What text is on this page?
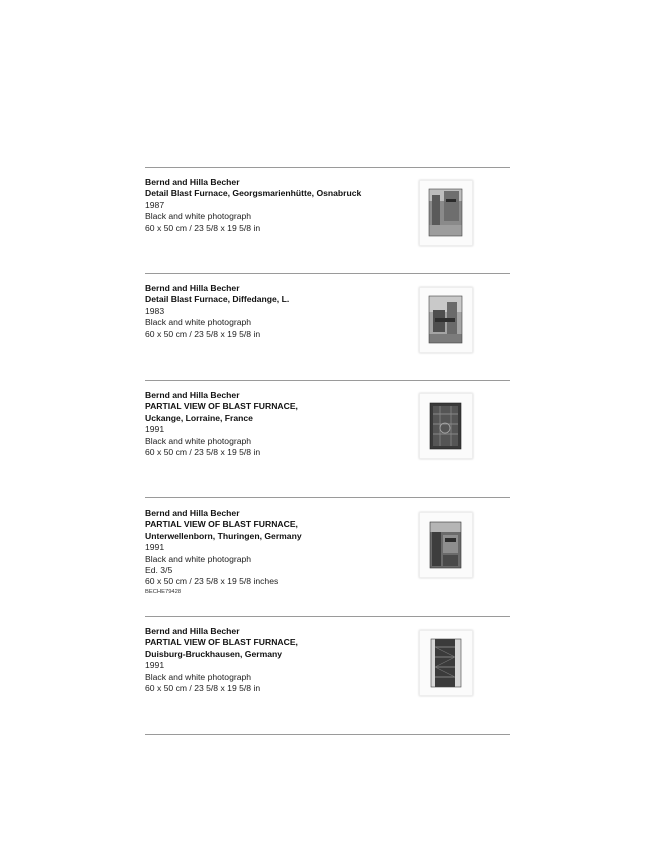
Bernd and Hilla Becher
Detail Blast Furnace, Georgsmarienhütte, Osnabruck
1987
Black and white photograph
60 x 50 cm / 23 5/8 x 19 5/8 in
Bernd and Hilla Becher
Detail Blast Furnace, Diffedange, L.
1983
Black and white photograph
60 x 50 cm / 23 5/8 x 19 5/8 in
Bernd and Hilla Becher
PARTIAL VIEW OF BLAST FURNACE,
Uckange, Lorraine, France
1991
Black and white photograph
60 x 50 cm / 23 5/8 x 19 5/8 in
Bernd and Hilla Becher
PARTIAL VIEW OF BLAST FURNACE,
Unterwellenborn, Thuringen, Germany
1991
Black and white photograph
Ed. 3/5
60 x 50 cm / 23 5/8 x 19 5/8 inches
BECHE79428
Bernd and Hilla Becher
PARTIAL VIEW OF BLAST FURNACE,
Duisburg-Bruckhausen, Germany
1991
Black and white photograph
60 x 50 cm / 23 5/8 x 19 5/8 in
